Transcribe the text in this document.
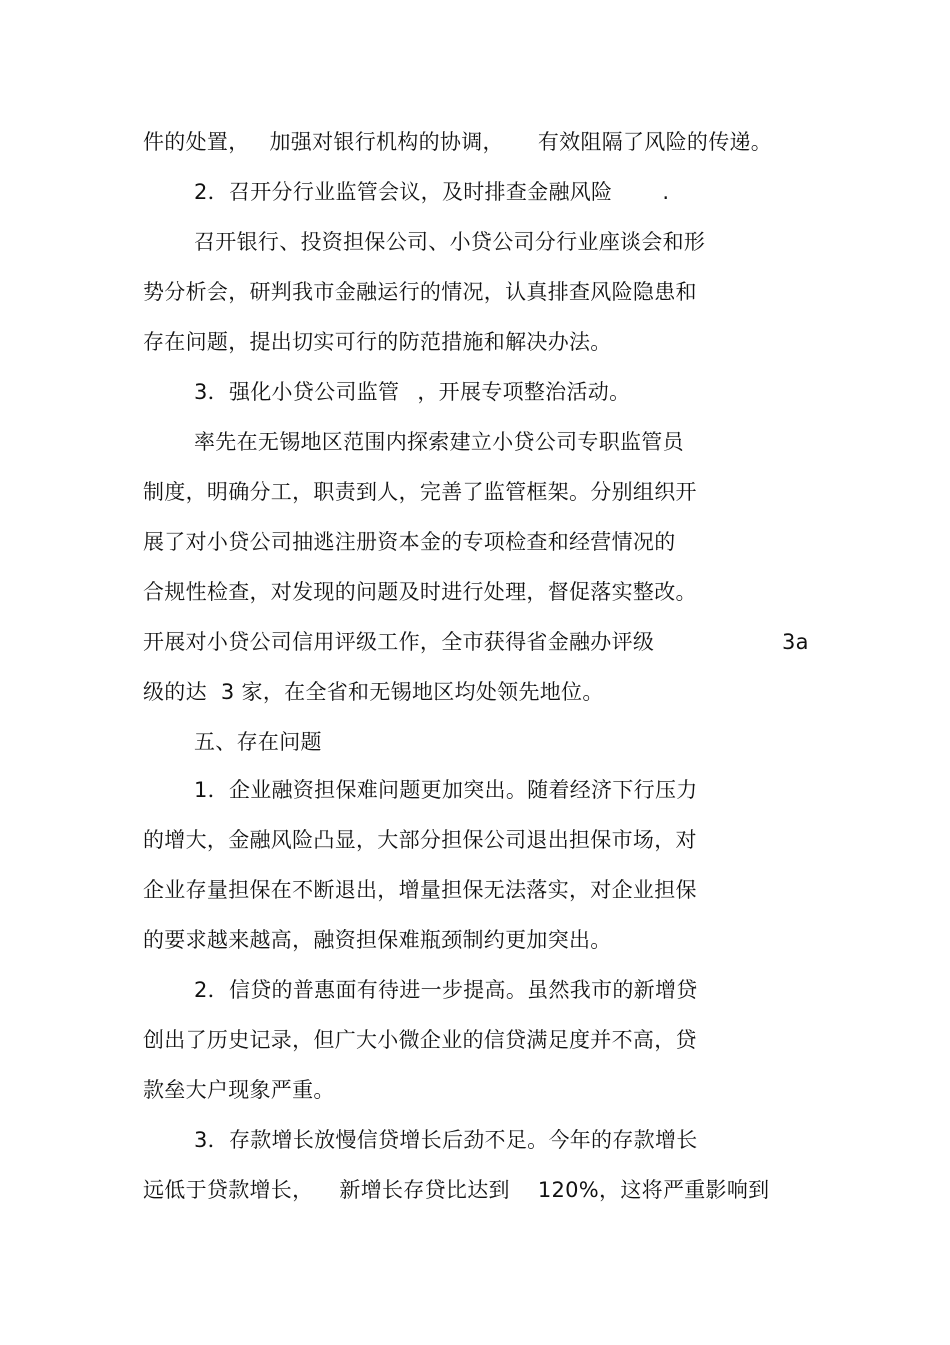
件的处置， 加强对银行机构的协调， 有效阻隔了风险的传递。
2．召开分行业监管会议，及时排查金融风险 .
召开银行、投资担保公司、小贷公司分行业座谈会和形
势分析会，研判我市金融运行的情况，认真排查风险隐患和
存在问题，提出切实可行的防范措施和解决办法。
3．强化小贷公司监管 ，开展专项整治活动。
率先在无锡地区范围内探索建立小贷公司专职监管员
制度，明确分工，职责到人，完善了监管框架。分别组织开
展了对小贷公司抽逃注册资本金的专项检查和经营情况的
合规性检查，对发现的问题及时进行处理，督促落实整改。
开展对小贷公司信用评级工作，全市获得省金融办评级	3a
级的达 3 家，在全省和无锡地区均处领先地位。
五、存在问题
1．企业融资担保难问题更加突出。随着经济下行压力
的增大，金融风险凸显，大部分担保公司退出担保市场，对
企业存量担保在不断退出，增量担保无法落实，对企业担保
的要求越来越高，融资担保难瓶颈制约更加突出。
2．信贷的普惠面有待进一步提高。虽然我市的新增贷
创出了历史记录，但广大小微企业的信贷满足度并不高，贷
款垒大户现象严重。
3．存款增长放慢信贷增长后劲不足。今年的存款增长
远低于贷款增长， 新增长存贷比达到 120%，这将严重影响到
